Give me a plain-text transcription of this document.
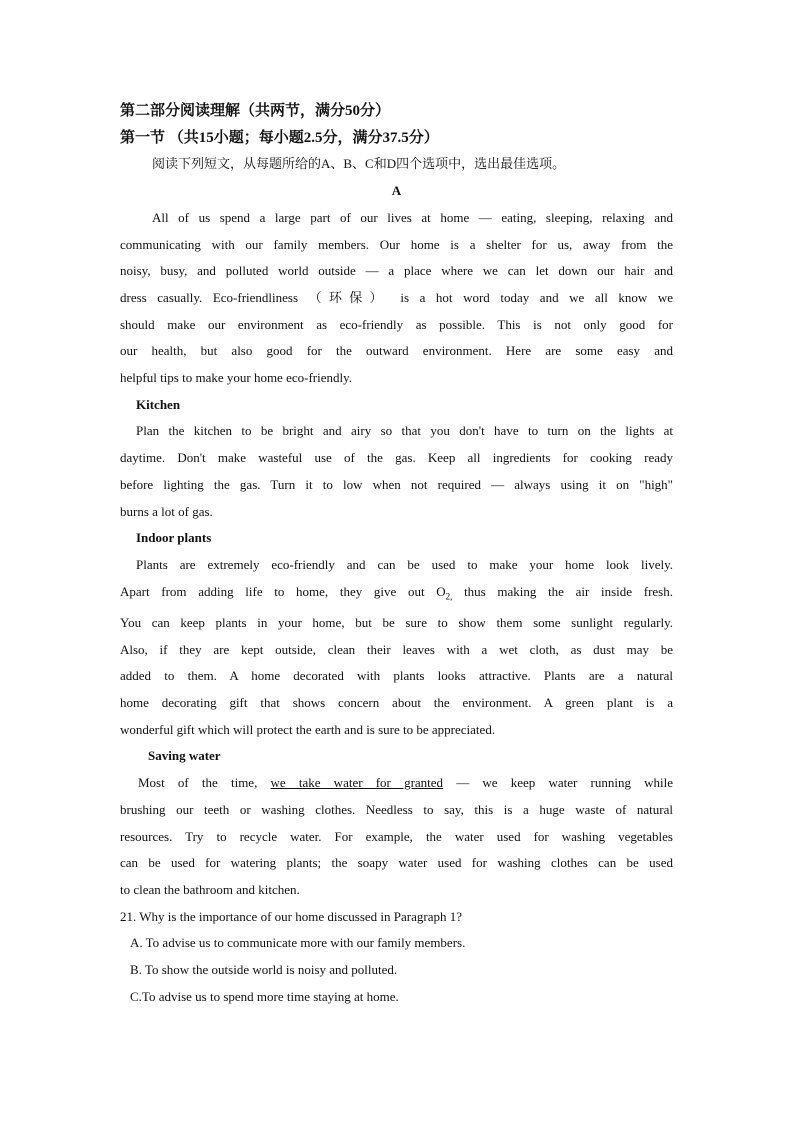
第二部分阅读理解（共两节，满分50分）
第一节 （共15小题；每小题2.5分，满分37.5分）
阅读下列短文，从每题所给的A、B、C和D四个选项中，选出最佳选项。
A
All of us spend a large part of our lives at home — eating, sleeping, relaxing and
communicating with our family members. Our home is a shelter for us, away from the
noisy, busy, and polluted world outside — a place where we can let down our hair and
dress casually. Eco-friendliness （环保） is a hot word today and we all know we
should make our environment as eco-friendly as possible. This is not only good for
our health, but also good for the outward environment. Here are some easy and
helpful tips to make your home eco-friendly.
Kitchen
Plan the kitchen to be bright and airy so that you don't have to turn on the lights at
daytime. Don't make wasteful use of the gas. Keep all ingredients for cooking ready
before lighting the gas. Turn it to low when not required — always using it on "high"
burns a lot of gas.
Indoor plants
Plants are extremely eco-friendly and can be used to make your home look lively.
Apart from adding life to home, they give out $O_{2,}$ thus making the air inside fresh.
You can keep plants in your home, but be sure to show them some sunlight regularly.
Also, if they are kept outside, clean their leaves with a wet cloth, as dust may be
added to them. A home decorated with plants looks attractive. Plants are a natural
home decorating gift that shows concern about the environment. A green plant is a
wonderful gift which will protect the earth and is sure to be appreciated.
Saving water
Most of the time, we take water for granted — we keep water running while
brushing our teeth or washing clothes. Needless to say, this is a huge waste of natural
resources. Try to recycle water. For example, the water used for washing vegetables
can be used for watering plants; the soapy water used for washing clothes can be used
to clean the bathroom and kitchen.
21. Why is the importance of our home discussed in Paragraph 1?
A. To advise us to communicate more with our family members.
B. To show the outside world is noisy and polluted.
C.To advise us to spend more time staying at home.
